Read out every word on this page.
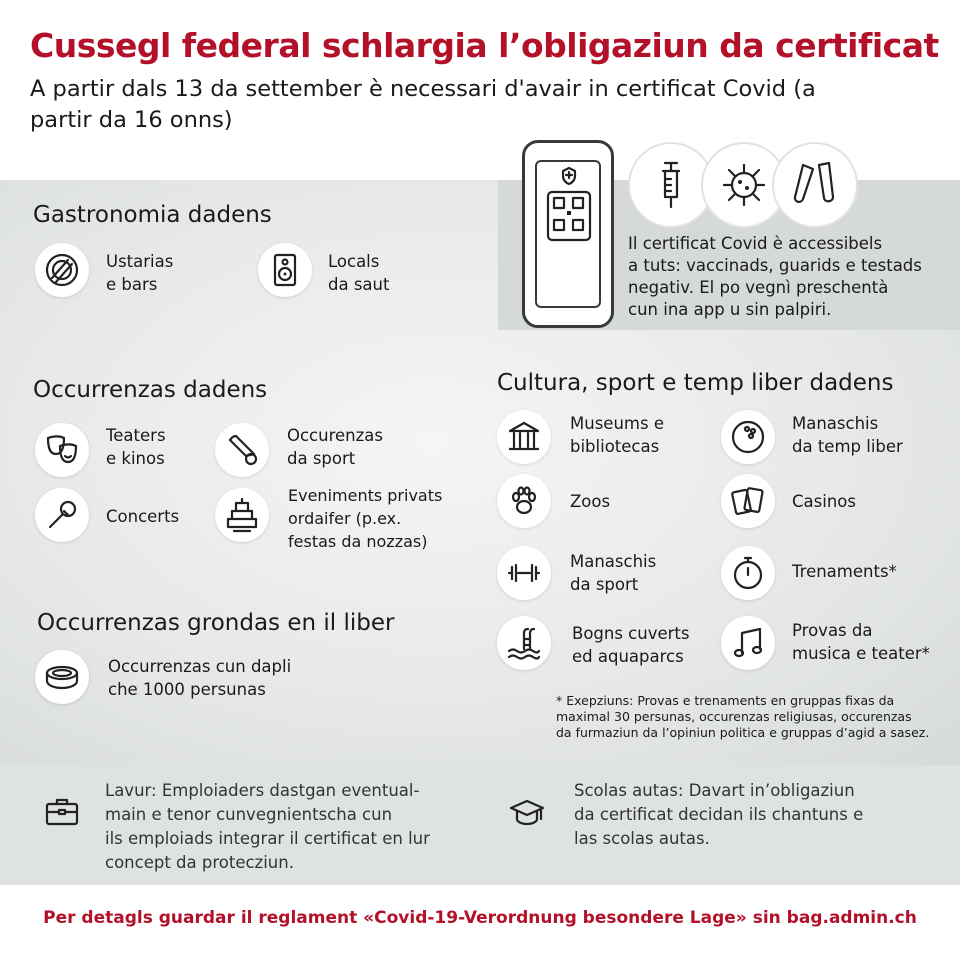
Cussegl federal schlargia l’obligaziun da certificat
A partir dals 13 da settember è necessari d'avair in certificat Covid (a partir da 16 onns)
Il certificat Covid è accessibels
a tuts: vaccinads, guarids e testads
negativ. El po vegnì preschentà
cun ina app u sin palpiri.
Gastronomia dadens
Ustarias
e bars
Locals
da saut
Occurrenzas dadens
Teaters
e kinos
Occurenzas
da sport
Concerts
Eveniments privats
ordaifer (p.ex.
festas da nozzas)
Occurrenzas grondas en il liber
Occurrenzas cun dapli
che 1000 persunas
Cultura, sport e temp liber dadens
Museums e
bibliotecas
Manaschis
da temp liber
Zoos	Casinos
Manaschis
da sport
Trenaments*
Bogns cuverts
ed aquaparcs
Provas da
musica e teater*
* Exepziuns: Provas e trenaments en gruppas fixas da
maximal 30 persunas, occurenzas religiusas, occurenzas
da furmaziun da l’opiniun politica e gruppas d’agid a sasez.
Lavur: Emploiaders dastgan eventual-
main e tenor cunvegnientscha cun
ils emploiads integrar il certificat en lur
concept da protecziun.
Scolas autas: Davart in’obligaziun
da certificat decidan ils chantuns e
las scolas autas.
Per detagls guardar il reglament «Covid-19-Verordnung besondere Lage» sin bag.admin.ch
